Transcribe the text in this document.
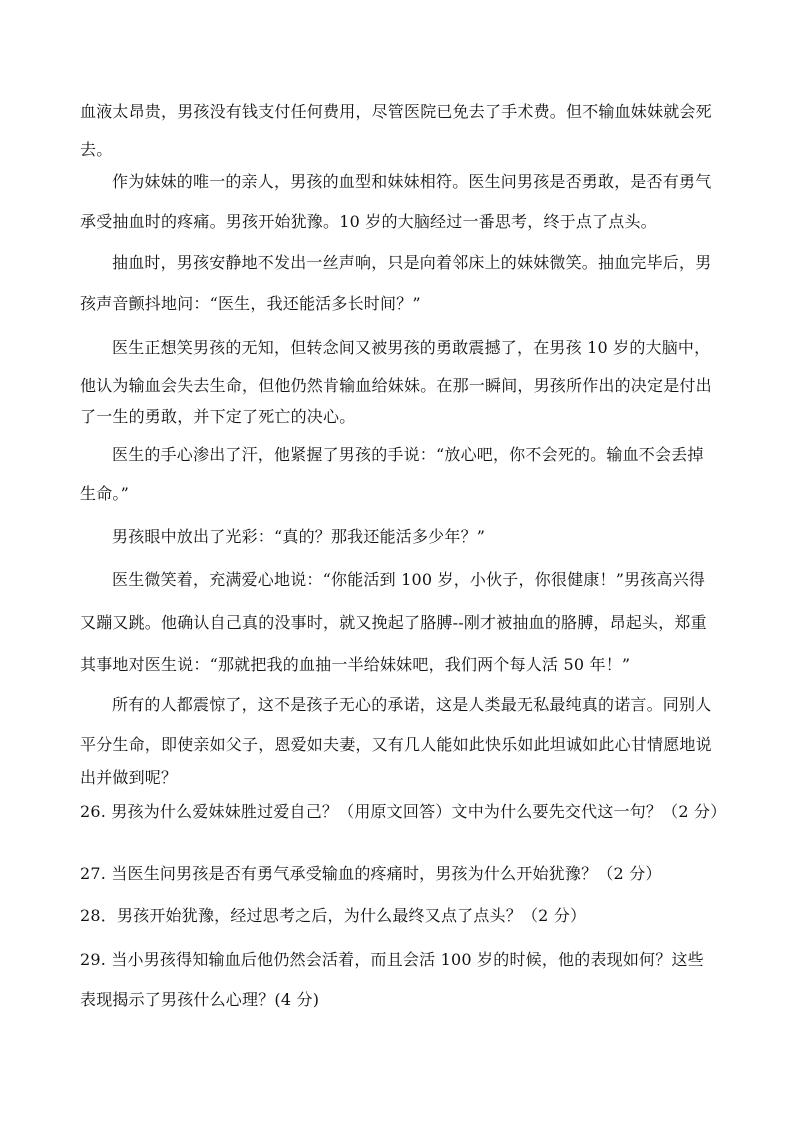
血液太昂贵，男孩没有钱支付任何费用，尽管医院已免去了手术费。但不输血妹妹就会死
去。
作为妹妹的唯一的亲人，男孩的血型和妹妹相符。医生问男孩是否勇敢，是否有勇气
承受抽血时的疼痛。男孩开始犹豫。10 岁的大脑经过一番思考，终于点了点头。
抽血时，男孩安静地不发出一丝声响，只是向着邻床上的妹妹微笑。抽血完毕后，男
孩声音颤抖地问：“医生，我还能活多长时间？”
医生正想笑男孩的无知，但转念间又被男孩的勇敢震撼了，在男孩 10 岁的大脑中，
他认为输血会失去生命，但他仍然肯输血给妹妹。在那一瞬间，男孩所作出的决定是付出
了一生的勇敢，并下定了死亡的决心。
医生的手心渗出了汗，他紧握了男孩的手说：“放心吧，你不会死的。输血不会丢掉
生命。”
男孩眼中放出了光彩：“真的？那我还能活多少年？”
医生微笑着，充满爱心地说：“你能活到 100 岁，小伙子，你很健康！”男孩高兴得
又蹦又跳。他确认自己真的没事时，就又挽起了胳膊--刚才被抽血的胳膊，昂起头，郑重
其事地对医生说：“那就把我的血抽一半给妹妹吧，我们两个每人活 50 年！”
所有的人都震惊了，这不是孩子无心的承诺，这是人类最无私最纯真的诺言。同别人
平分生命，即使亲如父子，恩爱如夫妻，又有几人能如此快乐如此坦诚如此心甘情愿地说
出并做到呢？
26. 男孩为什么爱妹妹胜过爱自己？（用原文回答）文中为什么要先交代这一句？（2 分）
27. 当医生问男孩是否有勇气承受输血的疼痛时，男孩为什么开始犹豫？（2 分）
28．男孩开始犹豫，经过思考之后，为什么最终又点了点头？（2 分）
29. 当小男孩得知输血后他仍然会活着，而且会活 100 岁的时候，他的表现如何？这些
表现揭示了男孩什么心理？(4 分)
